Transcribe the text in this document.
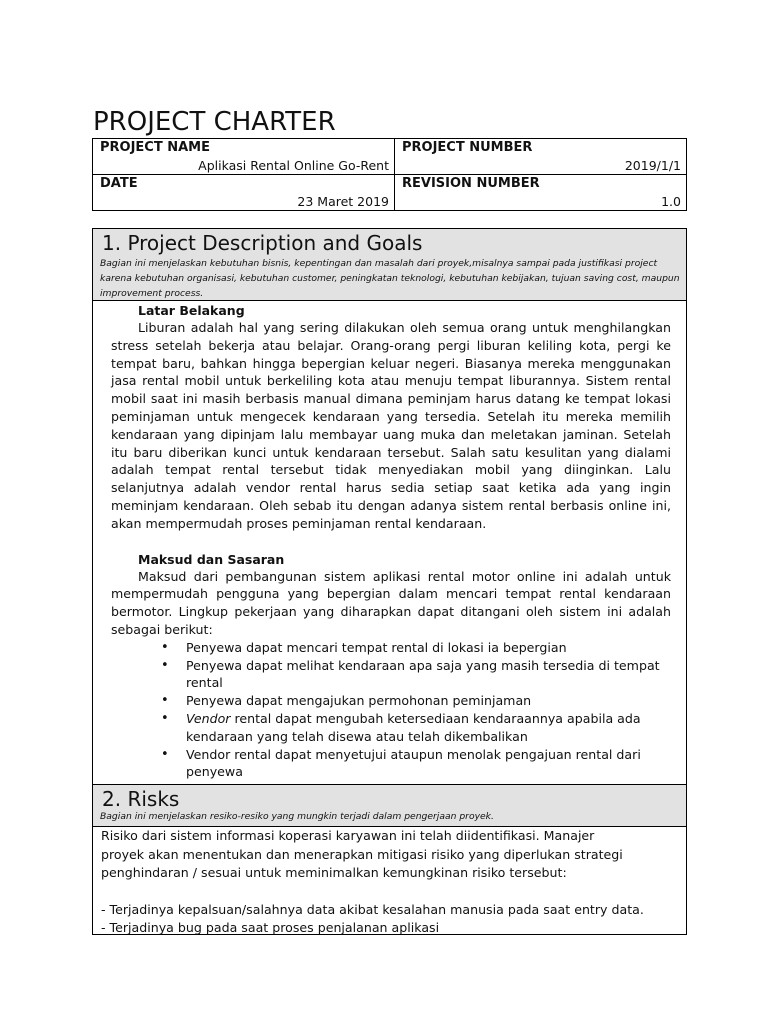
PROJECT CHARTER
PROJECT NAME
Aplikasi Rental Online Go-Rent
PROJECT NUMBER
2019/1/1
DATE
23 Maret 2019
REVISION NUMBER
1.0
1. Project Description and Goals
Bagian ini menjelaskan kebutuhan bisnis, kepentingan dan masalah dari proyek,misalnya sampai pada justifikasi project karena kebutuhan organisasi, kebutuhan customer, peningkatan teknologi, kebutuhan kebijakan, tujuan saving cost, maupun improvement process.
Latar Belakang

Liburan adalah hal yang sering dilakukan oleh semua orang untuk menghilangkan stress setelah bekerja atau belajar. Orang-orang pergi liburan keliling kota, pergi ke tempat baru, bahkan hingga bepergian keluar negeri. Biasanya mereka menggunakan jasa rental mobil untuk berkeliling kota atau menuju tempat liburannya. Sistem rental mobil saat ini masih berbasis manual dimana peminjam harus datang ke tempat lokasi peminjaman untuk mengecek kendaraan yang tersedia. Setelah itu mereka memilih kendaraan yang dipinjam lalu membayar uang muka dan meletakan jaminan. Setelah itu baru diberikan kunci untuk kendaraan tersebut. Salah satu kesulitan yang dialami adalah tempat rental tersebut tidak menyediakan mobil yang diinginkan. Lalu selanjutnya adalah vendor rental harus sedia setiap saat ketika ada yang ingin meminjam kendaraan. Oleh sebab itu dengan adanya sistem rental berbasis online ini, akan mempermudah proses peminjaman rental kendaraan.

Maksud dan Sasaran

Maksud dari pembangunan sistem aplikasi rental motor online ini adalah untuk mempermudah pengguna yang bepergian dalam mencari tempat rental kendaraan bermotor. Lingkup pekerjaan yang diharapkan dapat ditangani oleh sistem ini adalah sebagai berikut:

• Penyewa dapat mencari tempat rental di lokasi ia bepergian
• Penyewa dapat melihat kendaraan apa saja yang masih tersedia di tempat rental
• Penyewa dapat mengajukan permohonan peminjaman
• Vendor rental dapat mengubah ketersediaan kendaraannya apabila ada kendaraan yang telah disewa atau telah dikembalikan
• Vendor rental dapat menyetujui ataupun menolak pengajuan rental dari penyewa
2. Risks
Bagian ini menjelaskan resiko-resiko yang mungkin terjadi dalam pengerjaan proyek.

Risiko dari sistem informasi koperasi karyawan ini telah diidentifikasi. Manajer

proyek akan menentukan dan menerapkan mitigasi risiko yang diperlukan strategi

penghindaran / sesuai untuk meminimalkan kemungkinan risiko tersebut:

- Terjadinya kepalsuan/salahnya data akibat kesalahan manusia pada saat entry data.

- Terjadinya bug pada saat proses penjalanan aplikasi
